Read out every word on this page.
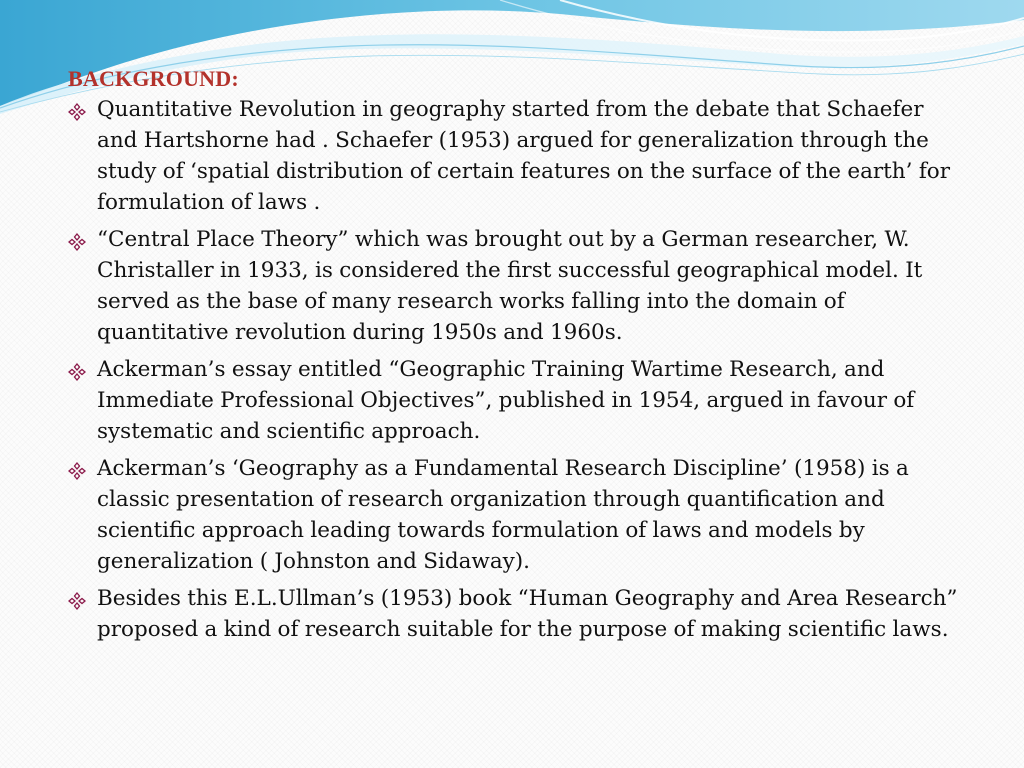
BACKGROUND:
Quantitative Revolution in geography started from the debate that Schaefer and Hartshorne had . Schaefer (1953) argued for generalization through the study of ‘spatial distribution of certain features on the surface of the earth’ for formulation of laws .
“Central Place Theory” which was brought out by a German researcher, W. Christaller in 1933, is considered the first successful geographical model. It served as the base of many research works falling into the domain of quantitative revolution during 1950s and 1960s.
Ackerman’s essay entitled “Geographic Training Wartime Research, and Immediate Professional Objectives”, published in 1954, argued in favour of systematic and scientific approach.
Ackerman’s ‘Geography as a Fundamental Research Discipline’ (1958) is a classic presentation of research organization through quantification and scientific approach leading towards formulation of laws and models by generalization ( Johnston and Sidaway).
Besides this E.L.Ullman’s (1953) book “Human Geography and Area Research” proposed a kind of research suitable for the purpose of making scientific laws.
